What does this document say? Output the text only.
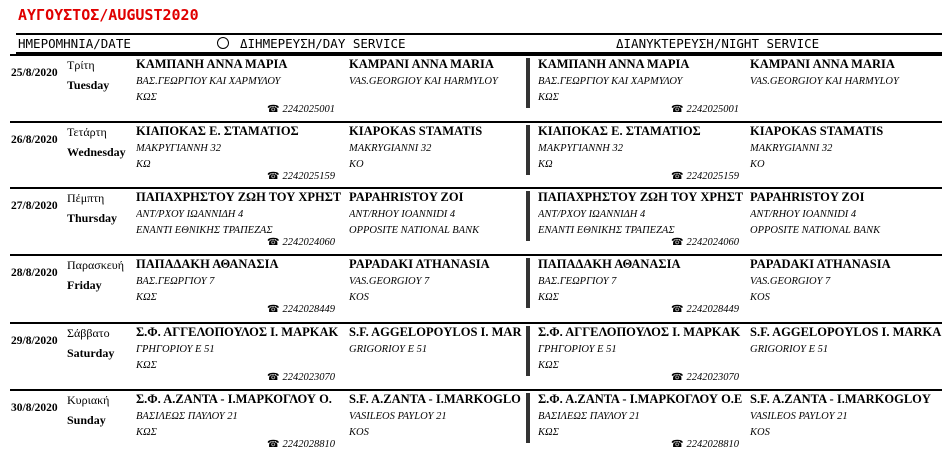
ΑΥΓΟΥΣΤΟΣ/AUGUST2020
ΗΜΕΡΟΜΗΝΙΑ/DATE	ΔΙΗΜΕΡΕΥΣΗ/DAY SERVICE	ΔΙΑΝΥΚΤΕΡΕΥΣΗ/NIGHT SERVICE
25/8/2020
Τρίτη
Tuesday
ΚΑΜΠΑΝΗ ΑΝΝΑ ΜΑΡΙΑ
ΒΑΣ.ΓΕΩΡΓΙΟΥ ΚΑΙ ΧΑΡΜΥΛΟΥ
ΚΩΣ
☎ 2242025001
KAMPANI ANNA MARIA
VAS.GEORGIOY KAI HARMYLOY
ΚΑΜΠΑΝΗ ΑΝΝΑ ΜΑΡΙΑ
ΒΑΣ.ΓΕΩΡΓΙΟΥ ΚΑΙ ΧΑΡΜΥΛΟΥ
ΚΩΣ
☎ 2242025001
KAMPANI ANNA MARIA
VAS.GEORGIOY KAI HARMYLOY
26/8/2020
Τετάρτη
Wednesday
ΚΙΑΠΟΚΑΣ Ε. ΣΤΑΜΑΤΙΟΣ
ΜΑΚΡΥΓΙΑΝΝΗ 32
ΚΩ
☎ 2242025159
KIAPOKAS STAMATIS
MAKRYGIANNI 32
KO
ΚΙΑΠΟΚΑΣ Ε. ΣΤΑΜΑΤΙΟΣ
ΜΑΚΡΥΓΙΑΝΝΗ 32
ΚΩ
☎ 2242025159
KIAPOKAS STAMATIS
MAKRYGIANNI 32
KO
27/8/2020
Πέμπτη
Thursday
ΠΑΠΑΧΡΗΣΤΟΥ ΖΩΗ ΤΟΥ ΧΡΗΣΤ
ΑΝΤ/ΡΧΟΥ ΙΩΑΝΝΙΔΗ 4
ΕΝΑΝΤΙ ΕΘΝΙΚΗΣ ΤΡΑΠΕΖΑΣ
☎ 2242024060
PAPAHRISTOY ZOI
ANT/RHOY IOANNIDI 4
OPPOSITE NATIONAL BANK
ΠΑΠΑΧΡΗΣΤΟΥ ΖΩΗ ΤΟΥ ΧΡΗΣΤ
ΑΝΤ/ΡΧΟΥ ΙΩΑΝΝΙΔΗ 4
ΕΝΑΝΤΙ ΕΘΝΙΚΗΣ ΤΡΑΠΕΖΑΣ
☎ 2242024060
PAPAHRISTOY ZOI
ANT/RHOY IOANNIDI 4
OPPOSITE NATIONAL BANK
28/8/2020
Παρασκευή
Friday
ΠΑΠΑΔΑΚΗ ΑΘΑΝΑΣΙΑ
ΒΑΣ.ΓΕΩΡΓΙΟΥ 7
ΚΩΣ
☎ 2242028449
PAPADAKI ATHANASIA
VAS.GEORGIOY 7
KOS
ΠΑΠΑΔΑΚΗ ΑΘΑΝΑΣΙΑ
ΒΑΣ.ΓΕΩΡΓΙΟΥ 7
ΚΩΣ
☎ 2242028449
PAPADAKI ATHANASIA
VAS.GEORGIOY 7
KOS
29/8/2020
Σάββατο
Saturday
Σ.Φ. ΑΓΓΕΛΟΠΟΥΛΟΣ Ι. ΜΑΡΚΑΚ
ΓΡΗΓΟΡΙΟΥ Ε 51
ΚΩΣ
☎ 2242023070
S.F. AGGELOPOYLOS I. MAR
GRIGORIOY E 51
Σ.Φ. ΑΓΓΕΛΟΠΟΥΛΟΣ Ι. ΜΑΡΚΑΚ
ΓΡΗΓΟΡΙΟΥ Ε 51
ΚΩΣ
☎ 2242023070
S.F. AGGELOPOYLOS I. MARKA
GRIGORIOY E 51
30/8/2020
Κυριακή
Sunday
Σ.Φ. Α.ΖΑΝΤΑ - Ι.ΜΑΡΚΟΓΛΟΥ Ο.
ΒΑΣΙΛΕΩΣ ΠΑΥΛΟΥ 21
ΚΩΣ
☎ 2242028810
S.F. A.ZANTA - I.MARKOGLO
VASILEOS PAYLOY 21
KOS
Σ.Φ. Α.ΖΑΝΤΑ - Ι.ΜΑΡΚΟΓΛΟΥ Ο.Ε
ΒΑΣΙΛΕΩΣ ΠΑΥΛΟΥ 21
ΚΩΣ
☎ 2242028810
S.F. A.ZANTA - I.MARKOGLOY
VASILEOS PAYLOY 21
KOS
